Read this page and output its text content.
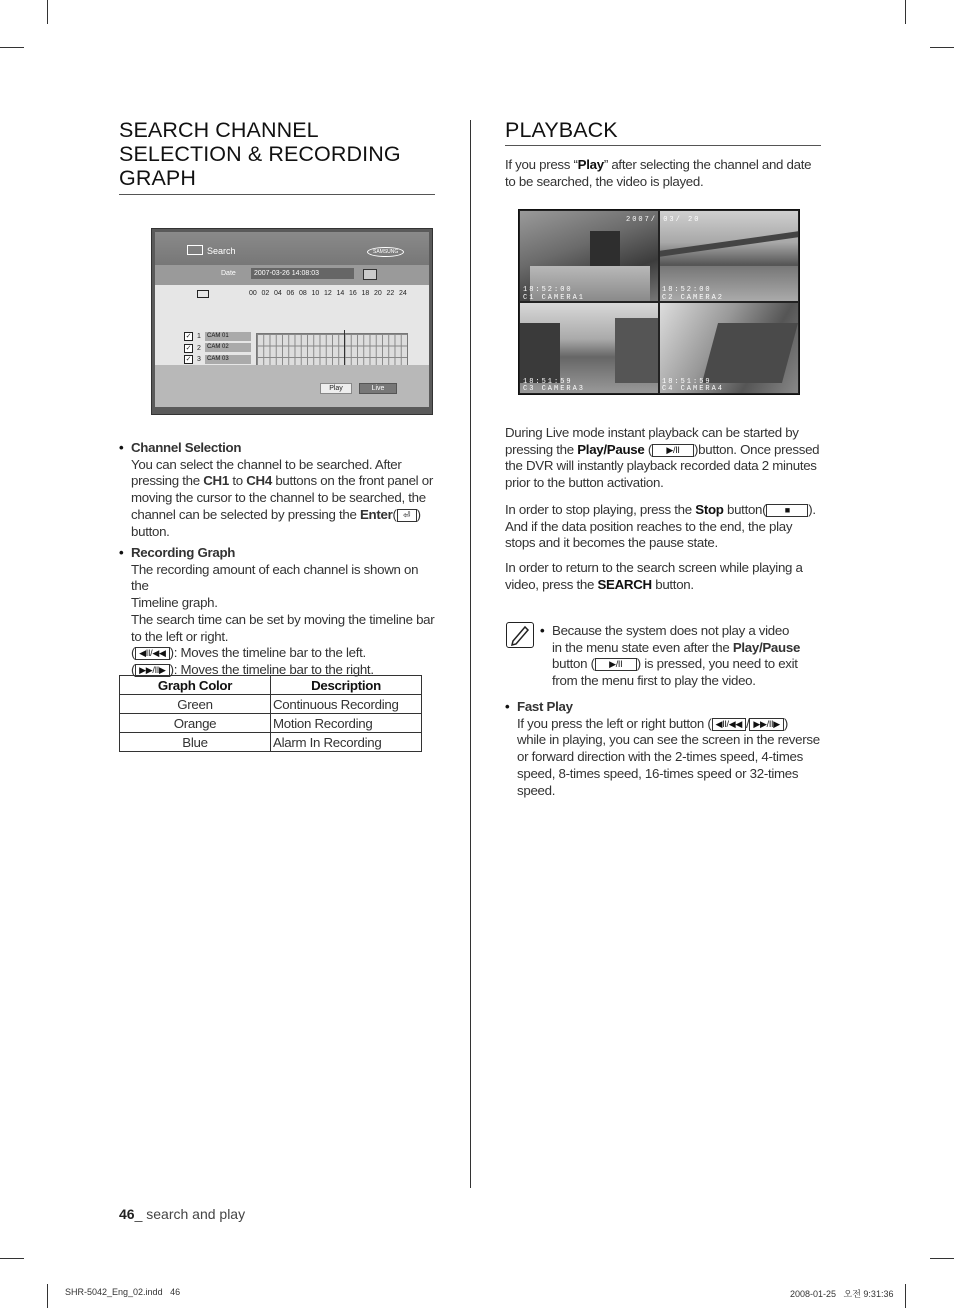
SEARCH CHANNEL
SELECTION & RECORDING
GRAPH
Search	SAMSUNG
Date	2007-03-26 14:08:03
00 02 04 06 08 10 12 14 16 18 20 22 24
✓ 1	CAM 01
✓ 2	CAM 02
✓ 3	CAM 03
Play	Live
• Channel Selection
You can select the channel to be searched. After
pressing the CH1 to CH4 buttons on the front panel or
moving the cursor to the channel to be searched, the
channel can be selected by pressing the Enter( ⏎ )
button.
• Recording Graph
The recording amount of each channel is shown on the
Timeline graph.
The search time can be set by moving the timeline bar
to the left or right.
( ◀II/◀◀ ): Moves the timeline bar to the left.
( ▶▶/II▶ ): Moves the timeline bar to the right.
Graph Color	Description
Green	Continuous Recording
Orange	Motion Recording
Blue	Alarm In Recording
PLAYBACK
If you press “Play” after selecting the channel and date
to be searched, the video is played.
2007/ 03/ 20
18:52:00
C1 CAMERA1
18:52:00
C2 CAMERA2
18:51:59
C3 CAMERA3
18:51:59
C4 CAMERA4
During Live mode instant playback can be started by
pressing the Play/Pause ( ▶/II )button. Once pressed
the DVR will instantly playback recorded data 2 minutes
prior to the button activation.
In order to stop playing, press the Stop button( ■ ).
And if the data position reaches to the end, the play
stops and it becomes the pause state.
In order to return to the search screen while playing a
video, press the SEARCH button.
• Because the system does not play a video
in the menu state even after the Play/Pause
button ( ▶/II ) is pressed, you need to exit
from the menu first to play the video.
• Fast Play
If you press the left or right button ( ◀II/◀◀ / ▶▶/II▶ )
while in playing, you can see the screen in the reverse
or forward direction with the 2-times speed, 4-times
speed, 8-times speed, 16-times speed or 32-times
speed.
46_ search and play
SHR-5042_Eng_02.indd   46	2008-01-25   오전 9:31:36
